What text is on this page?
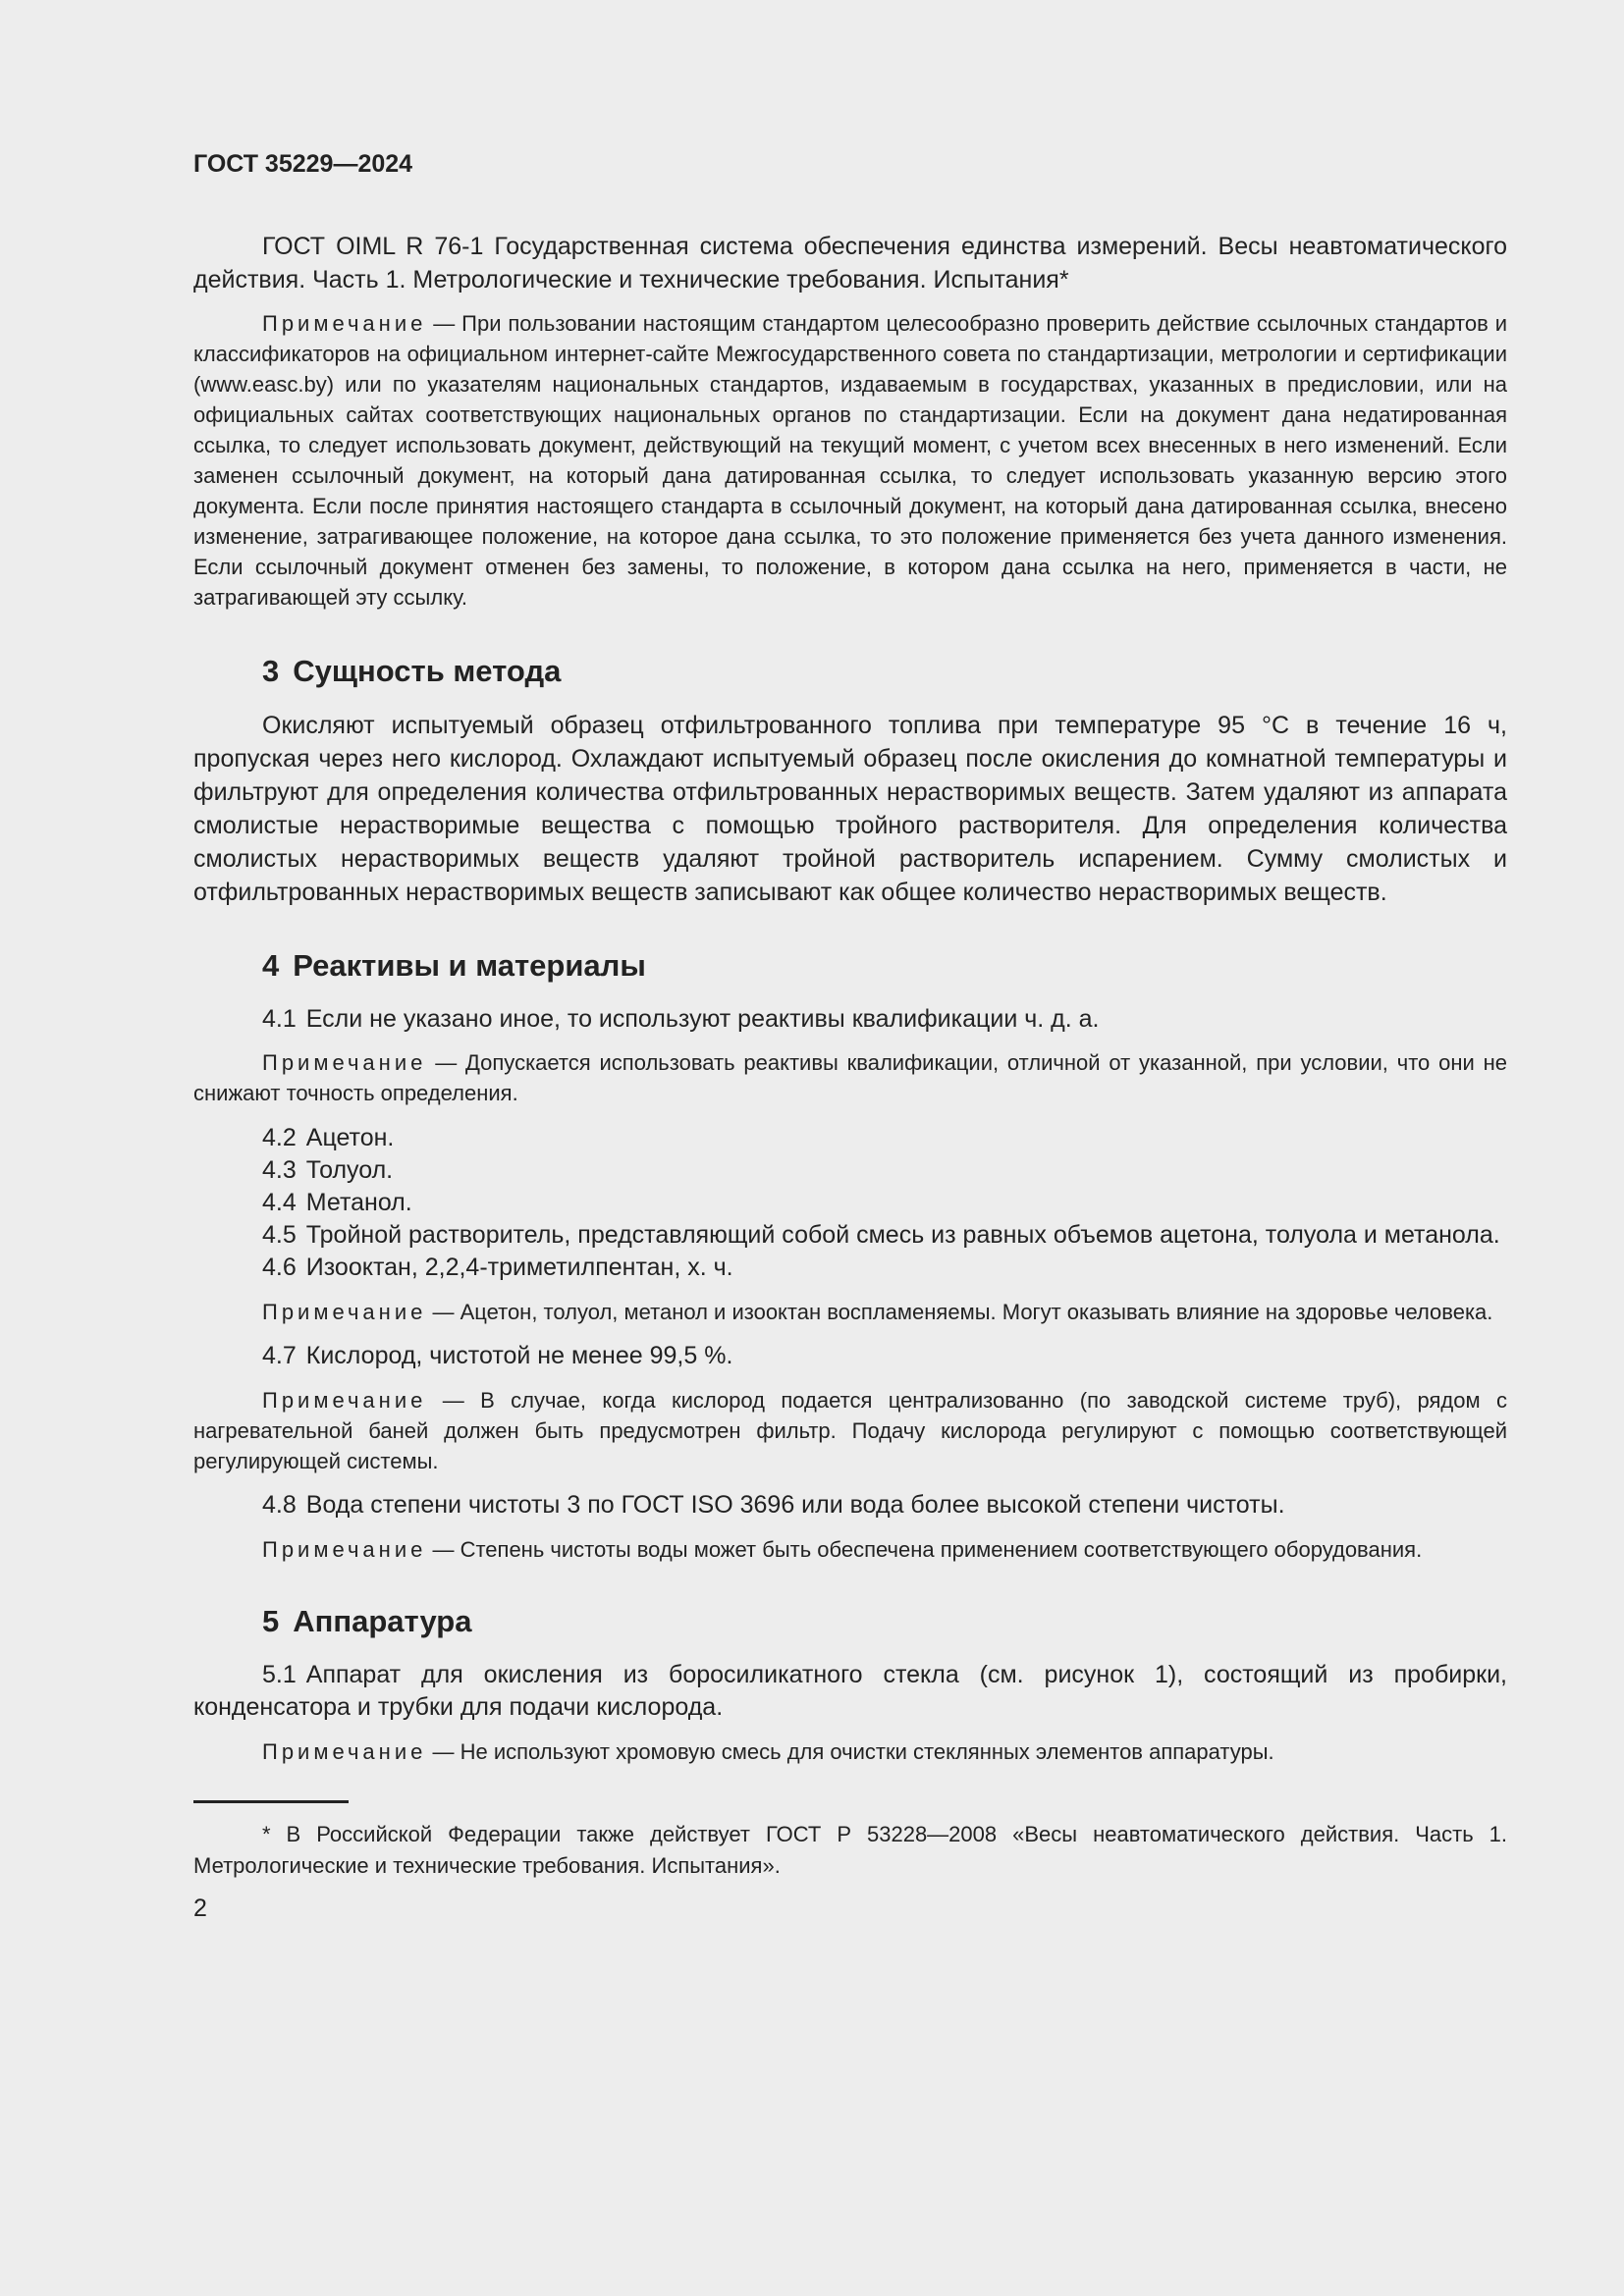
ГОСТ 35229—2024

ГОСТ OIML R 76-1 Государственная система обеспечения единства измерений. Весы неавтоматического действия. Часть 1. Метрологические и технические требования. Испытания*

Примечание — При пользовании настоящим стандартом целесообразно проверить действие ссылочных стандартов и классификаторов на официальном интернет-сайте Межгосударственного совета по стандартизации, метрологии и сертификации (www.easc.by) или по указателям национальных стандартов, издаваемым в государствах, указанных в предисловии, или на официальных сайтах соответствующих национальных органов по стандартизации. Если на документ дана недатированная ссылка, то следует использовать документ, действующий на текущий момент, с учетом всех внесенных в него изменений. Если заменен ссылочный документ, на который дана датированная ссылка, то следует использовать указанную версию этого документа. Если после принятия настоящего стандарта в ссылочный документ, на который дана датированная ссылка, внесено изменение, затрагивающее положение, на которое дана ссылка, то это положение применяется без учета данного изменения. Если ссылочный документ отменен без замены, то положение, в котором дана ссылка на него, применяется в части, не затрагивающей эту ссылку.

3 Сущность метода

Окисляют испытуемый образец отфильтрованного топлива при температуре 95 °С в течение 16 ч, пропуская через него кислород. Охлаждают испытуемый образец после окисления до комнатной температуры и фильтруют для определения количества отфильтрованных нерастворимых веществ. Затем удаляют из аппарата смолистые нерастворимые вещества с помощью тройного растворителя. Для определения количества смолистых нерастворимых веществ удаляют тройной растворитель испарением. Сумму смолистых и отфильтрованных нерастворимых веществ записывают как общее количество нерастворимых веществ.

4 Реактивы и материалы

4.1 Если не указано иное, то используют реактивы квалификации ч. д. а.

Примечание — Допускается использовать реактивы квалификации, отличной от указанной, при условии, что они не снижают точность определения.

4.2 Ацетон.

4.3 Толуол.

4.4 Метанол.

4.5 Тройной растворитель, представляющий собой смесь из равных объемов ацетона, толуола и метанола.

4.6 Изооктан, 2,2,4-триметилпентан, х. ч.

Примечание — Ацетон, толуол, метанол и изооктан воспламеняемы. Могут оказывать влияние на здоровье человека.

4.7 Кислород, чистотой не менее 99,5 %.

Примечание — В случае, когда кислород подается централизованно (по заводской системе труб), рядом с нагревательной баней должен быть предусмотрен фильтр. Подачу кислорода регулируют с помощью соответствующей регулирующей системы.

4.8 Вода степени чистоты 3 по ГОСТ ISO 3696 или вода более высокой степени чистоты.

Примечание — Степень чистоты воды может быть обеспечена применением соответствующего оборудования.

5 Аппаратура

5.1 Аппарат для окисления из боросиликатного стекла (см. рисунок 1), состоящий из пробирки, конденсатора и трубки для подачи кислорода.

Примечание — Не используют хромовую смесь для очистки стеклянных элементов аппаратуры.

* В Российской Федерации также действует ГОСТ Р 53228—2008 «Весы неавтоматического действия. Часть 1. Метрологические и технические требования. Испытания».

2
